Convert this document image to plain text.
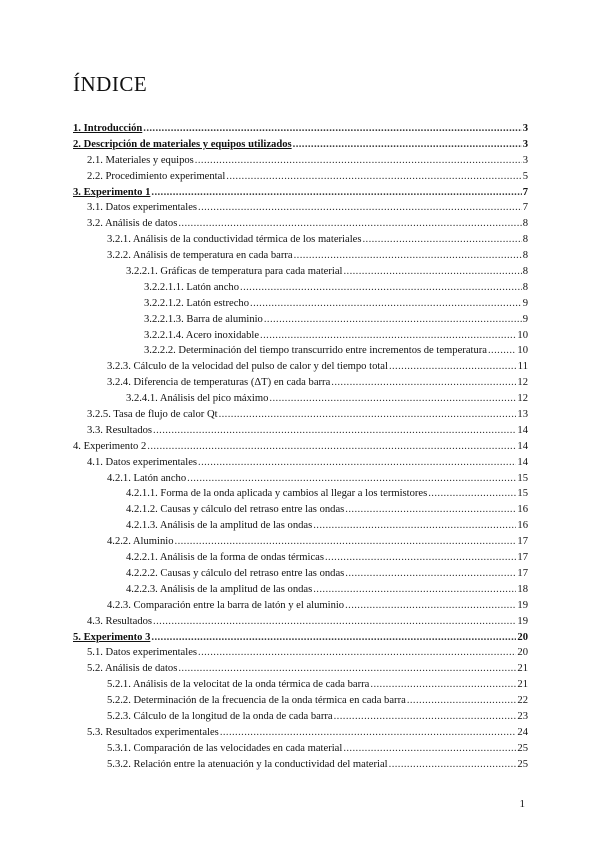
ÍNDICE
1. Introducción .....	3
2. Descripción de materiales y equipos utilizados .....	3
2.1. Materiales y equipos .....	3
2.2. Procedimiento experimental .....	5
3. Experimento 1 .....	7
3.1. Datos experimentales .....	7
3.2. Análisis de datos .....	8
3.2.1. Análisis de la conductividad térmica de los materiales .....	8
3.2.2. Análisis de temperatura en cada barra .....	8
3.2.2.1. Gráficas de temperatura para cada material .....	8
3.2.2.1.1. Latón ancho .....	8
3.2.2.1.2. Latón estrecho .....	9
3.2.2.1.3. Barra de aluminio .....	9
3.2.2.1.4. Acero inoxidable .....	10
3.2.2.2. Determinación del tiempo transcurrido entre incrementos de temperatura .....	10
3.2.3. Cálculo de la velocidad del pulso de calor y del tiempo total .....	11
3.2.4. Diferencia de temperaturas (ΔT) en cada barra .....	12
3.2.4.1. Análisis del pico máximo .....	12
3.2.5. Tasa de flujo de calor Qt .....	13
3.3. Resultados .....	14
4. Experimento 2 .....	14
4.1. Datos experimentales .....	14
4.2.1. Latón ancho .....	15
4.2.1.1. Forma de la onda aplicada y cambios al llegar a los termistores .....	15
4.2.1.2. Causas y cálculo del retraso entre las ondas .....	16
4.2.1.3. Análisis de la amplitud de las ondas .....	16
4.2.2. Aluminio .....	17
4.2.2.1. Análisis de la forma de ondas térmicas .....	17
4.2.2.2. Causas y cálculo del retraso entre las ondas .....	17
4.2.2.3. Análisis de la amplitud de las ondas .....	18
4.2.3. Comparación entre la barra de latón y el aluminio .....	19
4.3. Resultados .....	19
5. Experimento 3 .....	20
5.1. Datos experimentales .....	20
5.2. Análisis de datos .....	21
5.2.1. Análisis de la velocitat de la onda térmica de cada barra .....	21
5.2.2. Determinación de la frecuencia de la onda térmica en cada barra .....	22
5.2.3. Cálculo de la longitud de la onda de cada barra .....	23
5.3. Resultados experimentales .....	24
5.3.1. Comparación de las velocidades en cada material .....	25
5.3.2. Relación entre la atenuación y la conductividad del material .....	25
1
